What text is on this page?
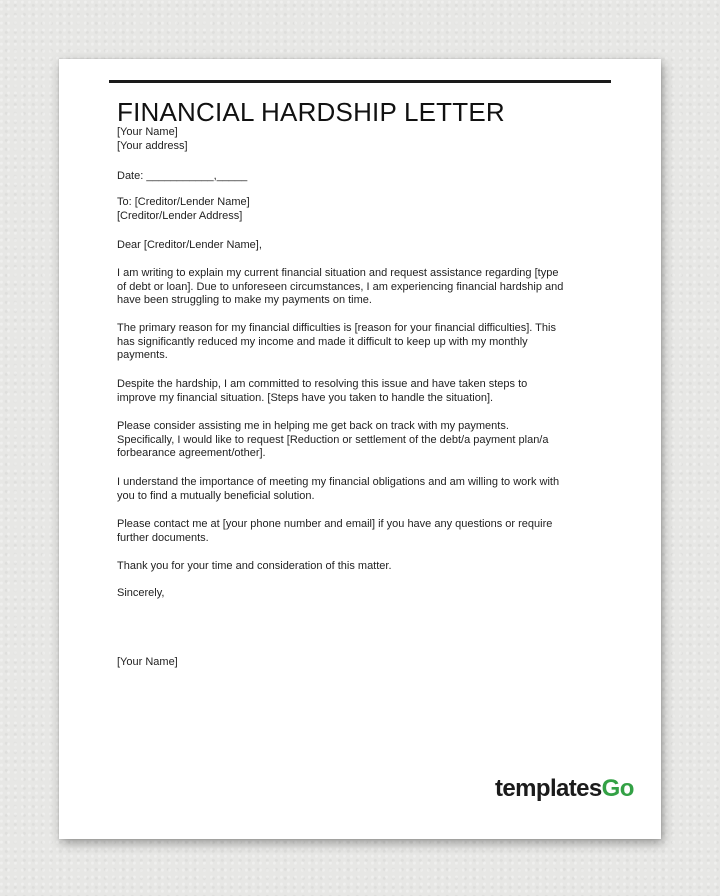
FINANCIAL HARDSHIP LETTER
[Your Name]
[Your address]
Date: ___________,_____
To: [Creditor/Lender Name]
[Creditor/Lender Address]
Dear [Creditor/Lender Name],
I am writing to explain my current financial situation and request assistance regarding [type
of debt or loan]. Due to unforeseen circumstances, I am experiencing financial hardship and
have been struggling to make my payments on time.
The primary reason for my financial difficulties is [reason for your financial difficulties]. This
has significantly reduced my income and made it difficult to keep up with my monthly
payments.
Despite the hardship, I am committed to resolving this issue and have taken steps to
improve my financial situation. [Steps have you taken to handle the situation].
Please consider assisting me in helping me get back on track with my payments.
Specifically, I would like to request [Reduction or settlement of the debt/a payment plan/a
forbearance agreement/other].
I understand the importance of meeting my financial obligations and am willing to work with
you to find a mutually beneficial solution.
Please contact me at [your phone number and email] if you have any questions or require
further documents.
Thank you for your time and consideration of this matter.
Sincerely,
[Your Name]
templatesGo
